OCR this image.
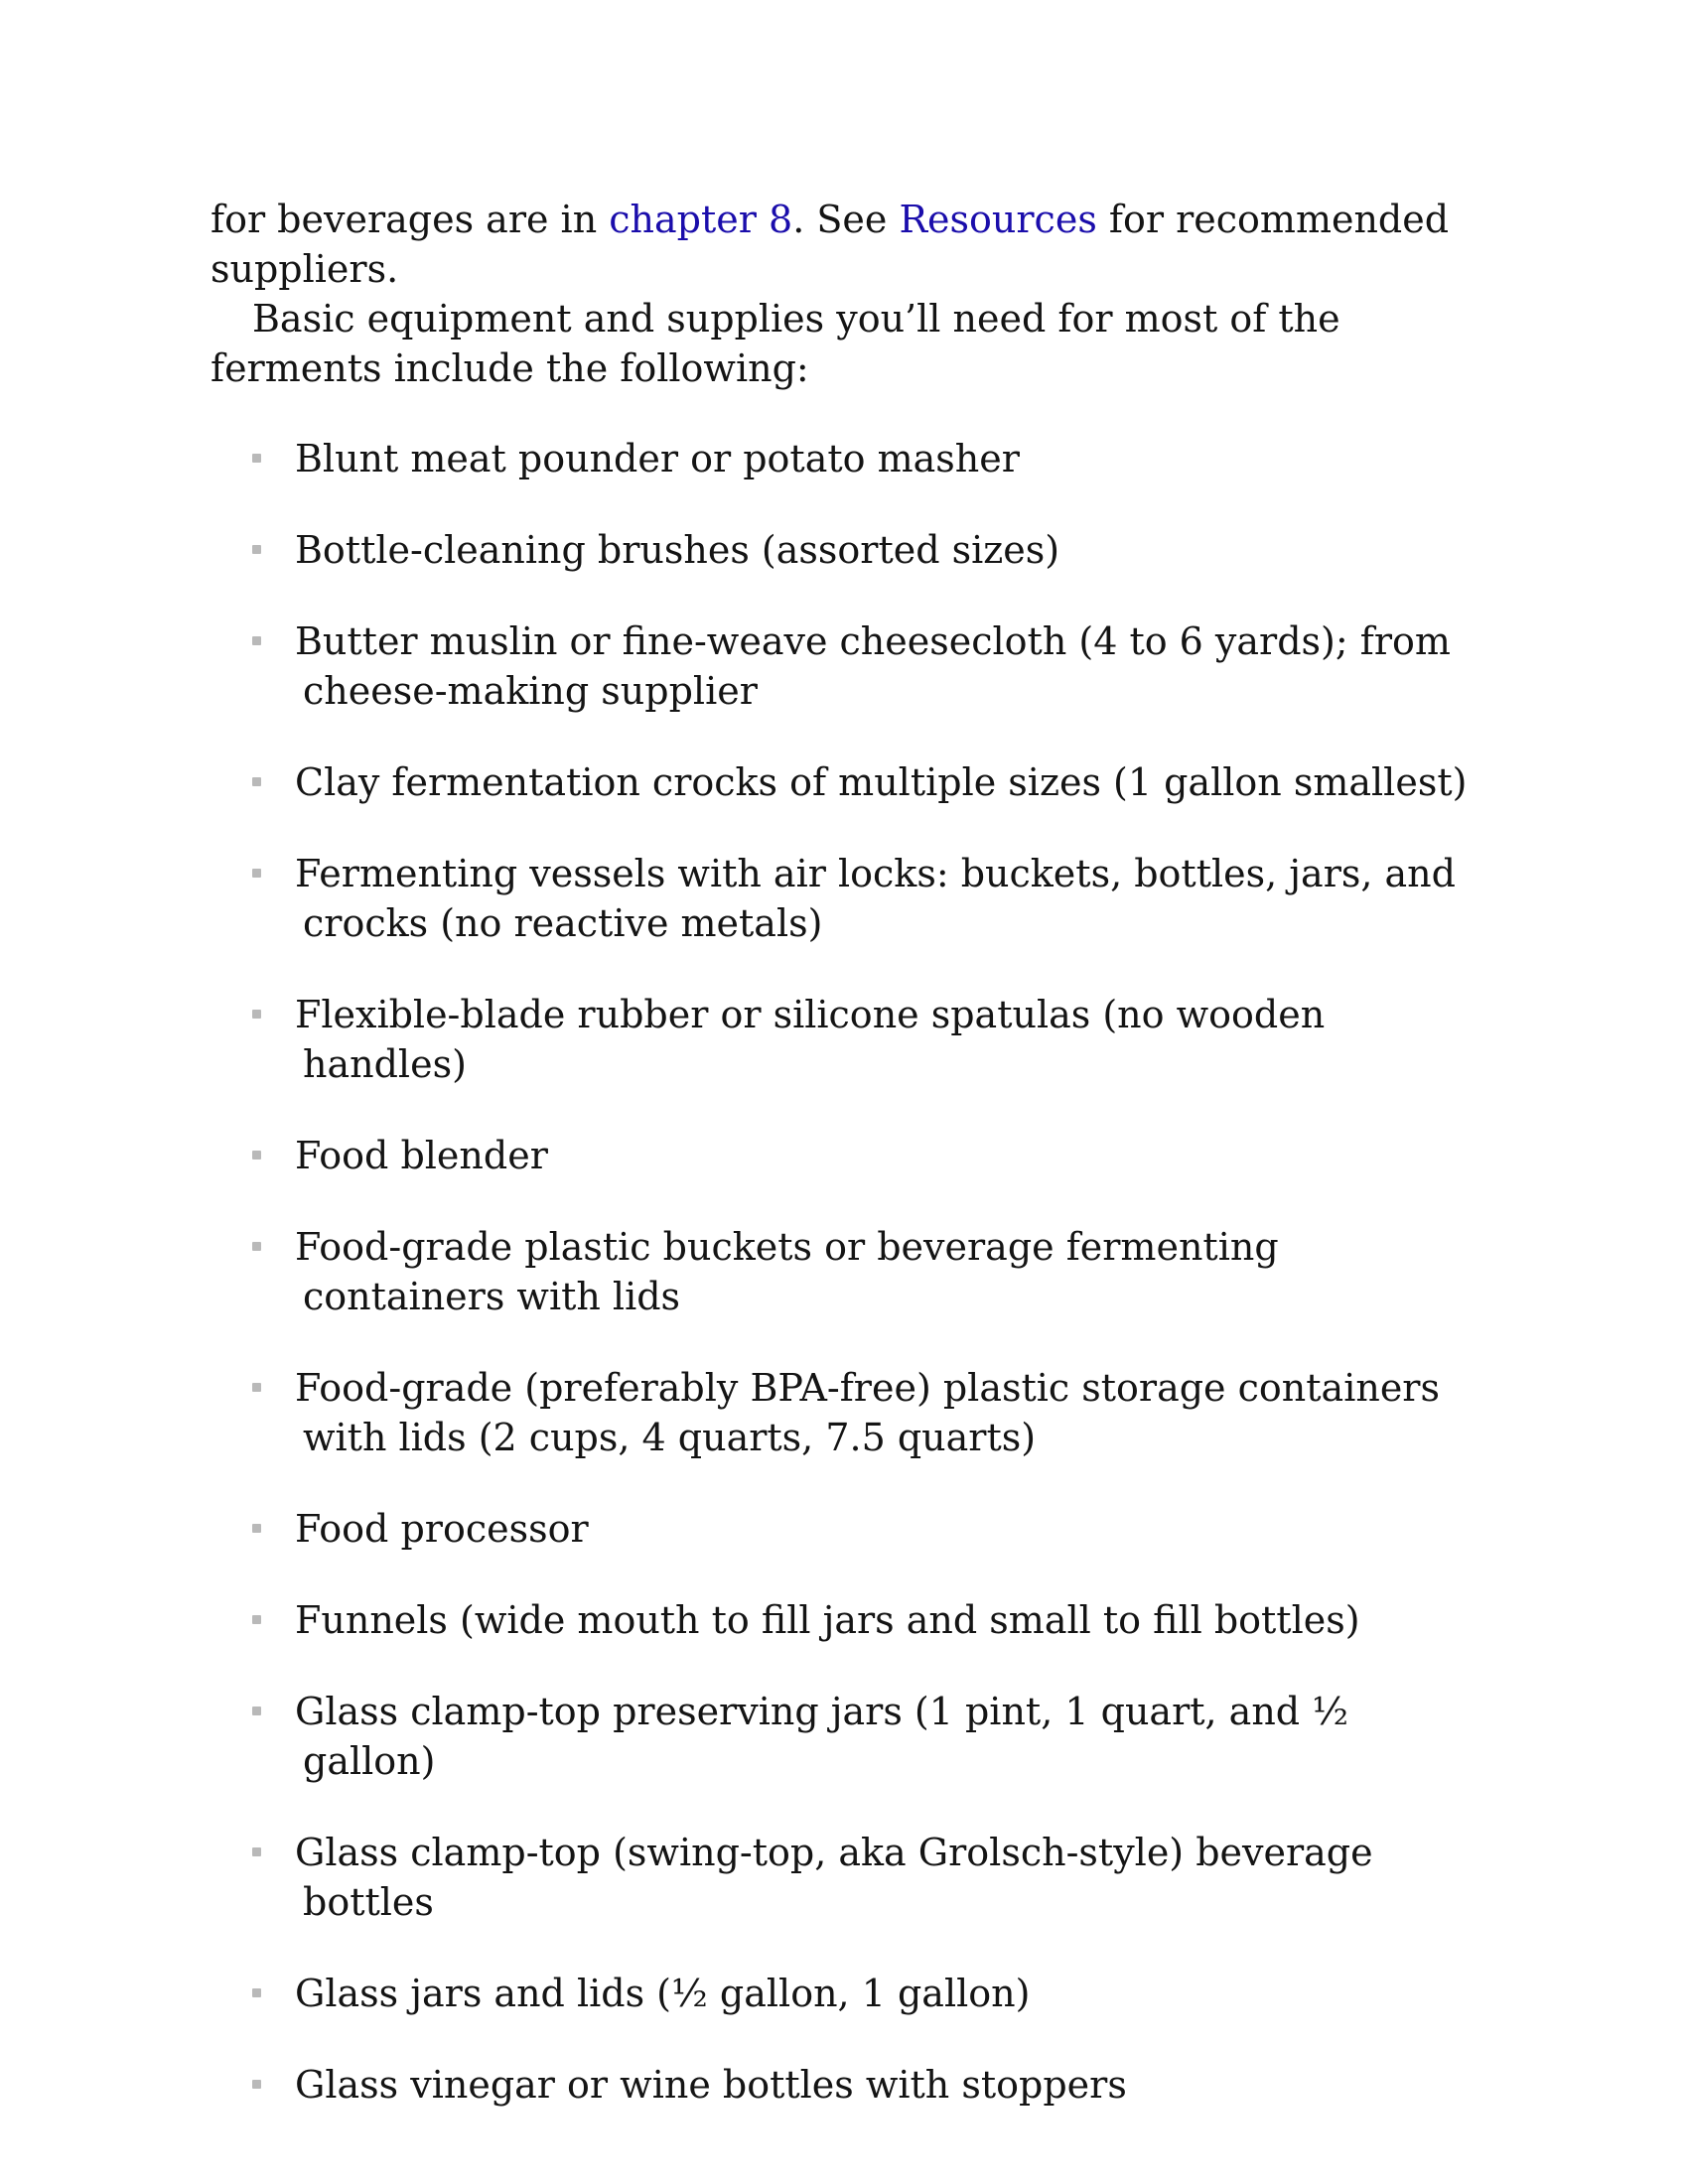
for beverages are in chapter 8. See Resources for recommended suppliers.

Basic equipment and supplies you’ll need for most of the ferments include the following:

Blunt meat pounder or potato masher
Bottle-cleaning brushes (assorted sizes)
Butter muslin or fine-weave cheesecloth (4 to 6 yards); from cheese-making supplier
Clay fermentation crocks of multiple sizes (1 gallon smallest)
Fermenting vessels with air locks: buckets, bottles, jars, and crocks (no reactive metals)
Flexible-blade rubber or silicone spatulas (no wooden handles)
Food blender
Food-grade plastic buckets or beverage fermenting containers with lids
Food-grade (preferably BPA-free) plastic storage containers with lids (2 cups, 4 quarts, 7.5 quarts)
Food processor
Funnels (wide mouth to fill jars and small to fill bottles)
Glass clamp-top preserving jars (1 pint, 1 quart, and ½ gallon)
Glass clamp-top (swing-top, aka Grolsch-style) beverage bottles
Glass jars and lids (½ gallon, 1 gallon)
Glass vinegar or wine bottles with stoppers
